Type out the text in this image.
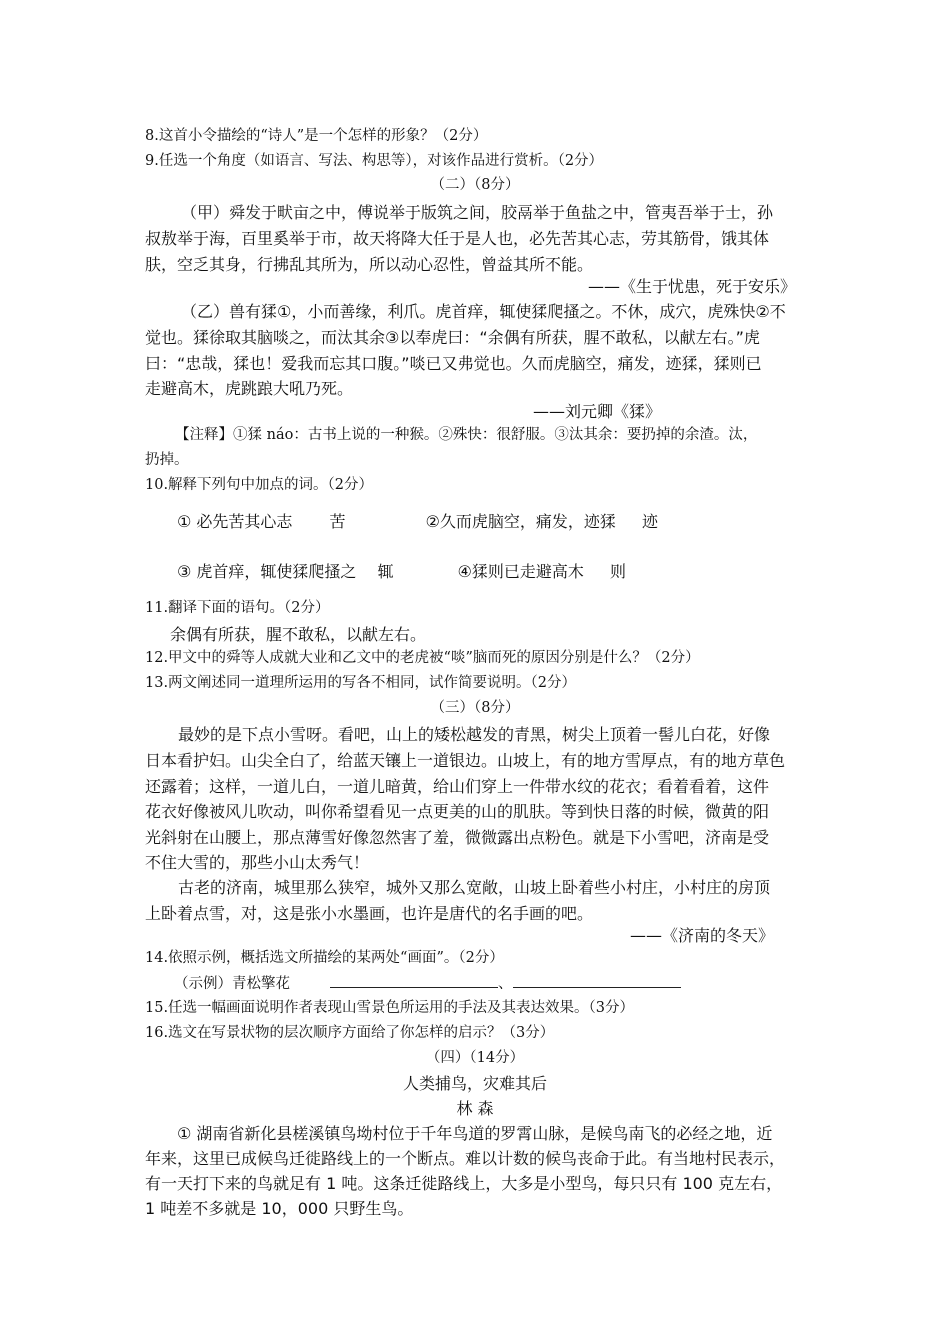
8.这首小令描绘的“诗人”是一个怎样的形象？（2分）
9.任选一个角度（如语言、写法、构思等），对该作品进行赏析。（2分）
（二）（8分）
（甲）舜发于畎亩之中，傅说举于版筑之间，胶鬲举于鱼盐之中，管夷吾举于士，孙
叔敖举于海，百里奚举于市，故天将降大任于是人也，必先苦其心志，劳其筋骨，饿其体
肤，空乏其身，行拂乱其所为，所以动心忍性，曾益其所不能。
——《生于忧患，死于安乐》
（乙）兽有猱①，小而善缘，利爪。虎首痒，辄使猱爬搔之。不休，成穴，虎殊快②不
觉也。猱徐取其脑啖之，而汰其余③以奉虎曰：“余偶有所获，腥不敢私，以献左右。”虎
曰：“忠哉，猱也！爱我而忘其口腹。”啖已又弗觉也。久而虎脑空，痛发，迹猱，猱则已
走避高木，虎跳踉大吼乃死。
——刘元卿《猱》
【注释】①猱 náo：古书上说的一种猴。②殊快：很舒服。③汰其余：要扔掉的余渣。汰，
扔掉。
10.解释下列句中加点的词。（2分）
① 必先苦其心志　　 苦　　　　　②久而虎脑空，痛发，迹猱　  迹
③ 虎首痒，辄使猱爬搔之　 辄　　　　④猱则已走避高木　  则
11.翻译下面的语句。（2分）
余偶有所获，腥不敢私，以献左右。
12.甲文中的舜等人成就大业和乙文中的老虎被“啖”脑而死的原因分别是什么？（2分）
13.两文阐述同一道理所运用的写各不相同，试作简要说明。（2分）
（三）（8分）
最妙的是下点小雪呀。看吧，山上的矮松越发的青黑，树尖上顶着一髻儿白花，好像
日本看护妇。山尖全白了，给蓝天镶上一道银边。山坡上，有的地方雪厚点，有的地方草色
还露着；这样，一道儿白，一道儿暗黄，给山们穿上一件带水纹的花衣；看着看着，这件
花衣好像被风儿吹动，叫你希望看见一点更美的山的肌肤。等到快日落的时候，微黄的阳
光斜射在山腰上，那点薄雪好像忽然害了羞，微微露出点粉色。就是下小雪吧，济南是受
不住大雪的，那些小山太秀气！
古老的济南，城里那么狭窄，城外又那么宽敞，山坡上卧着些小村庄，小村庄的房顶
上卧着点雪，对，这是张小水墨画，也许是唐代的名手画的吧。
——《济南的冬天》
14.依照示例，概括选文所描绘的某两处“画面”。（2分）
（示例）青松擎花	、
15.任选一幅画面说明作者表现山雪景色所运用的手法及其表达效果。（3分）
16.选文在写景状物的层次顺序方面给了你怎样的启示？（3分）
（四）（14分）
人类捕鸟，灾难其后
林 森
① 湖南省新化县槎溪镇鸟坳村位于千年鸟道的罗霄山脉，是候鸟南飞的必经之地，近
年来，这里已成候鸟迁徙路线上的一个断点。难以计数的候鸟丧命于此。有当地村民表示，
有一天打下来的鸟就足有 1 吨。这条迁徙路线上，大多是小型鸟，每只只有 100 克左右，
1 吨差不多就是 10，000 只野生鸟。
